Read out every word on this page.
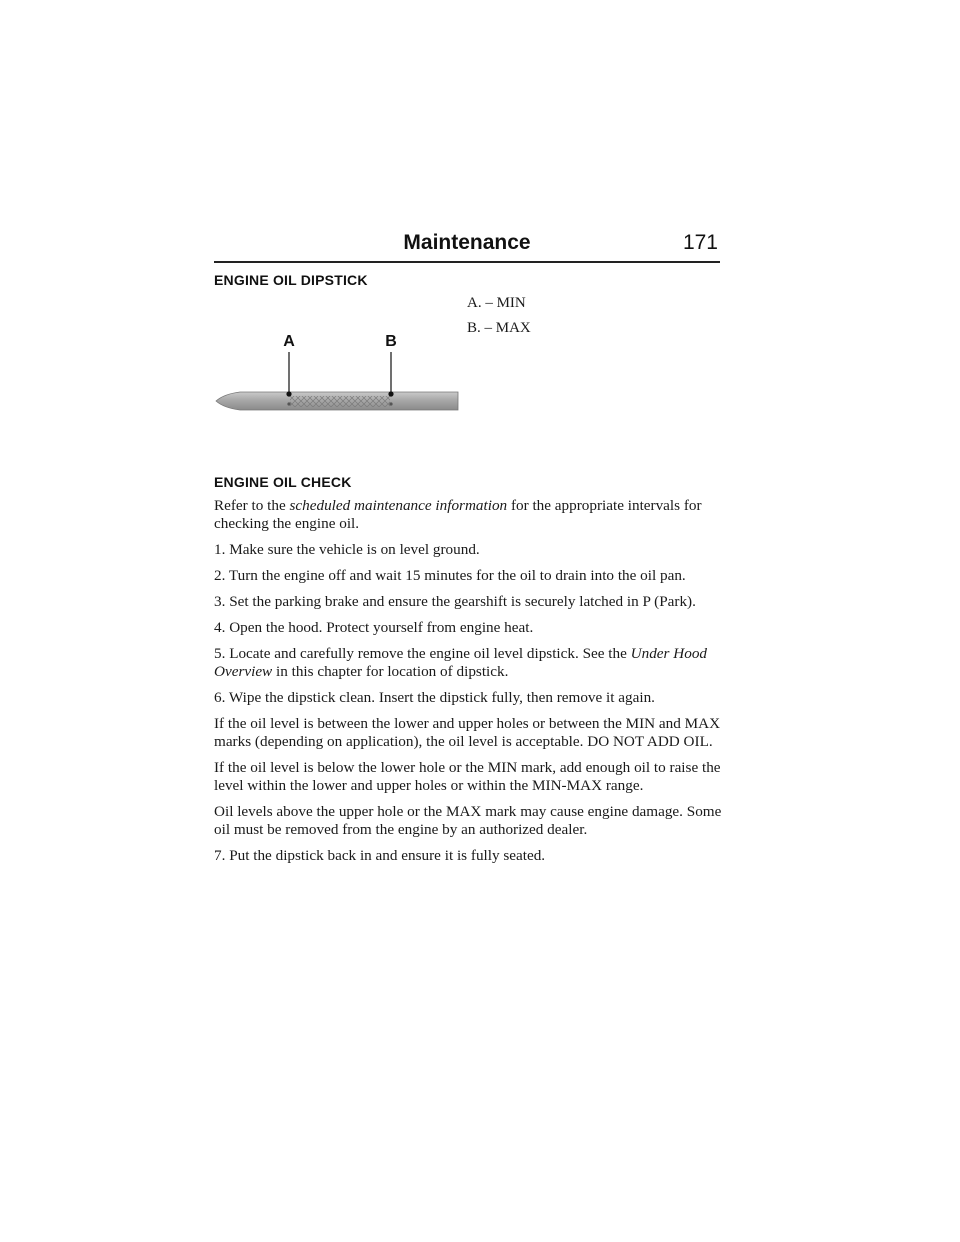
Maintenance	171
ENGINE OIL DIPSTICK
A. – MIN
B. – MAX
A	B
ENGINE OIL CHECK

Refer to the scheduled maintenance information for the appropriate intervals for checking the engine oil.

1. Make sure the vehicle is on level ground.

2. Turn the engine off and wait 15 minutes for the oil to drain into the oil pan.

3. Set the parking brake and ensure the gearshift is securely latched in P (Park).

4. Open the hood. Protect yourself from engine heat.

5. Locate and carefully remove the engine oil level dipstick. See the Under Hood Overview in this chapter for location of dipstick.

6. Wipe the dipstick clean. Insert the dipstick fully, then remove it again.

If the oil level is between the lower and upper holes or between the MIN and MAX marks (depending on application), the oil level is acceptable. DO NOT ADD OIL.

If the oil level is below the lower hole or the MIN mark, add enough oil to raise the level within the lower and upper holes or within the MIN-MAX range.

Oil levels above the upper hole or the MAX mark may cause engine damage. Some oil must be removed from the engine by an authorized dealer.

7. Put the dipstick back in and ensure it is fully seated.
